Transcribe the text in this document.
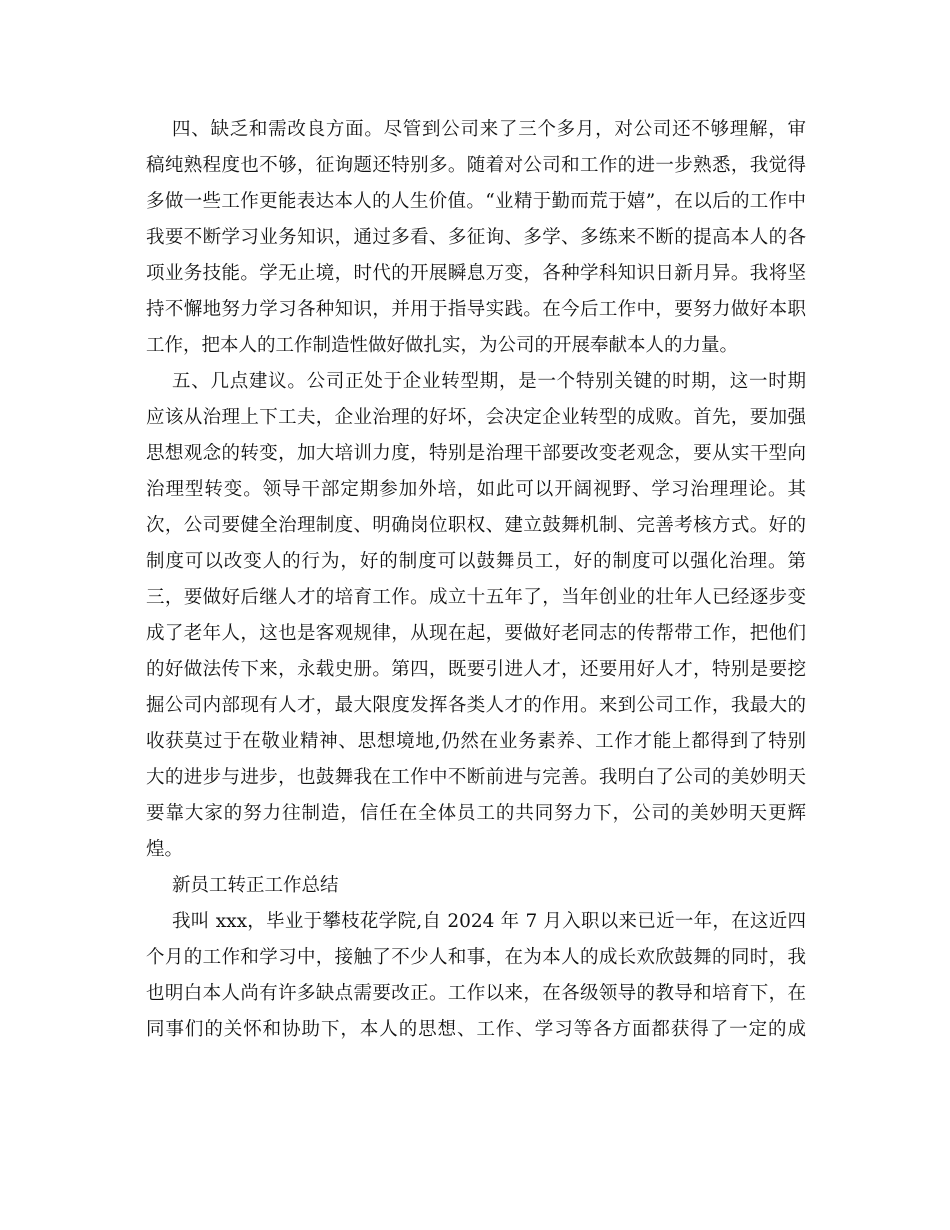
四、缺乏和需改良方面。尽管到公司来了三个多月，对公司还不够理解，审
稿纯熟程度也不够，征询题还特别多。随着对公司和工作的进一步熟悉，我觉得
多做一些工作更能表达本人的人生价值。“业精于勤而荒于嬉”，在以后的工作中
我要不断学习业务知识，通过多看、多征询、多学、多练来不断的提高本人的各
项业务技能。学无止境，时代的开展瞬息万变，各种学科知识日新月异。我将坚
持不懈地努力学习各种知识，并用于指导实践。在今后工作中，要努力做好本职
工作，把本人的工作制造性做好做扎实，为公司的开展奉献本人的力量。
五、几点建议。公司正处于企业转型期，是一个特别关键的时期，这一时期
应该从治理上下工夫，企业治理的好坏，会决定企业转型的成败。首先，要加强
思想观念的转变，加大培训力度，特别是治理干部要改变老观念，要从实干型向
治理型转变。领导干部定期参加外培，如此可以开阔视野、学习治理理论。其
次，公司要健全治理制度、明确岗位职权、建立鼓舞机制、完善考核方式。好的
制度可以改变人的行为，好的制度可以鼓舞员工，好的制度可以强化治理。第
三，要做好后继人才的培育工作。成立十五年了，当年创业的壮年人已经逐步变
成了老年人，这也是客观规律，从现在起，要做好老同志的传帮带工作，把他们
的好做法传下来，永载史册。第四，既要引进人才，还要用好人才，特别是要挖
掘公司内部现有人才，最大限度发挥各类人才的作用。来到公司工作，我最大的
收获莫过于在敬业精神、思想境地,仍然在业务素养、工作才能上都得到了特别
大的进步与进步，也鼓舞我在工作中不断前进与完善。我明白了公司的美妙明天
要靠大家的努力往制造，信任在全体员工的共同努力下，公司的美妙明天更辉
煌。
新员工转正工作总结
我叫 xxx，毕业于攀枝花学院,自 2024 年 7 月入职以来已近一年，在这近四
个月的工作和学习中，接触了不少人和事，在为本人的成长欢欣鼓舞的同时，我
也明白本人尚有许多缺点需要改正。工作以来，在各级领导的教导和培育下，在
同事们的关怀和协助下，本人的思想、工作、学习等各方面都获得了一定的成
